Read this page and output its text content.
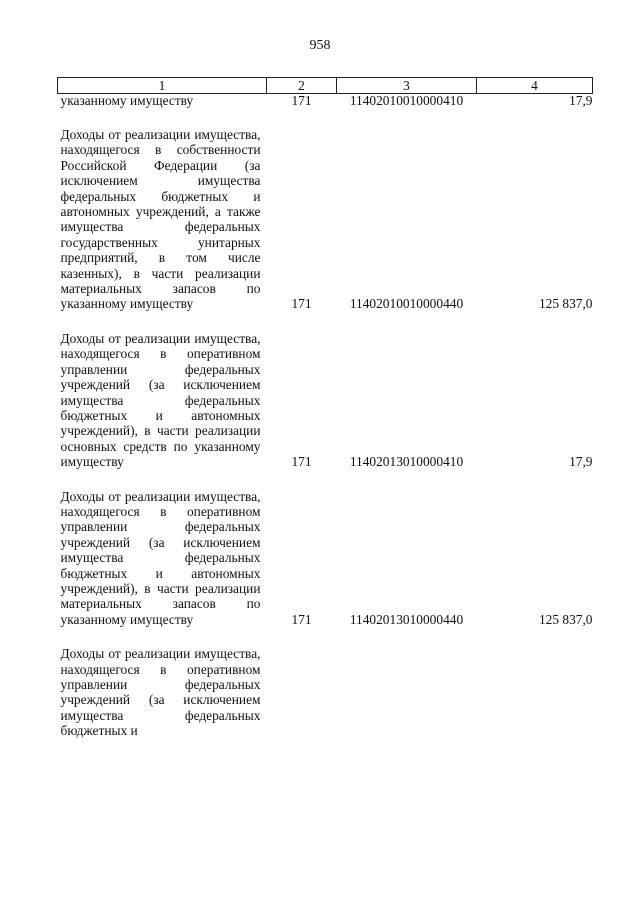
958
1	2	3	4
указанному имуществу	171	11402010010000410	17,9

Доходы от реализации имущества, находящегося в собственности Российской Федерации (за исключением имущества федеральных бюджетных и автономных учреждений, а также имущества федеральных государственных унитарных предприятий, в том числе казенных), в части реализации материальных запасов по указанному имуществу	171	11402010010000440	125 837,0

Доходы от реализации имущества, находящегося в оперативном управлении федеральных учреждений (за исключением имущества федеральных бюджетных и автономных учреждений), в части реализации основных средств по указанному имуществу	171	11402013010000410	17,9

Доходы от реализации имущества, находящегося в оперативном управлении федеральных учреждений (за исключением имущества федеральных бюджетных и автономных учреждений), в части реализации материальных запасов по указанному имуществу	171	11402013010000440	125 837,0

Доходы от реализации имущества, находящегося в оперативном управлении федеральных учреждений (за исключением имущества федеральных бюджетных и			
